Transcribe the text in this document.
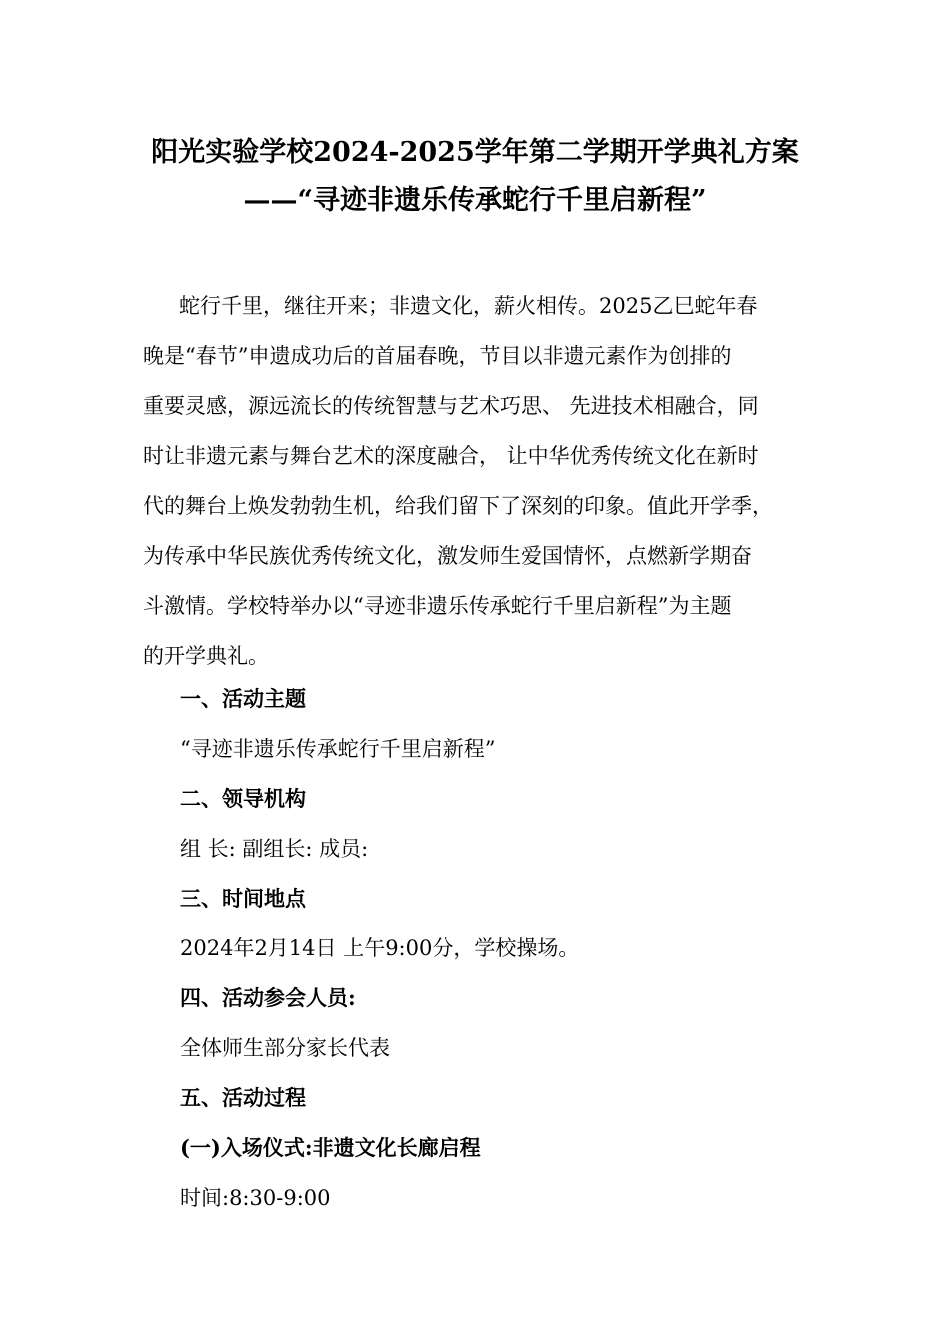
阳光实验学校2024-2025学年第二学期开学典礼方案
——“寻迹非遗乐传承蛇行千里启新程”
蛇行千里，继往开来；非遗文化，薪火相传。2025乙巳蛇年春
晚是“春节”申遗成功后的首届春晚，节目以非遗元素作为创排的
重要灵感，源远流长的传统智慧与艺术巧思、 先进技术相融合，同
时让非遗元素与舞台艺术的深度融合， 让中华优秀传统文化在新时
代的舞台上焕发勃勃生机，给我们留下了深刻的印象。值此开学季，
为传承中华民族优秀传统文化，激发师生爱国情怀，点燃新学期奋
斗激情。学校特举办以“寻迹非遗乐传承蛇行千里启新程”为主题
的开学典礼。
一、活动主题
“寻迹非遗乐传承蛇行千里启新程”
二、领导机构
组 长: 副组长: 成员:
三、时间地点
2024年2月14日 上午9:00分，学校操场。
四、活动参会人员:
全体师生部分家长代表
五、活动过程
(一)入场仪式:非遗文化长廊启程
时间:8:30-9:00
